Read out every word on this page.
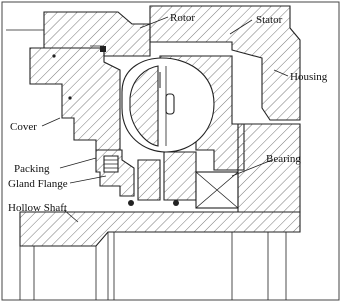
Rotor	Stator
Housing
Cover
Packing
Gland Flange
Bearing
Hollow Shaft
